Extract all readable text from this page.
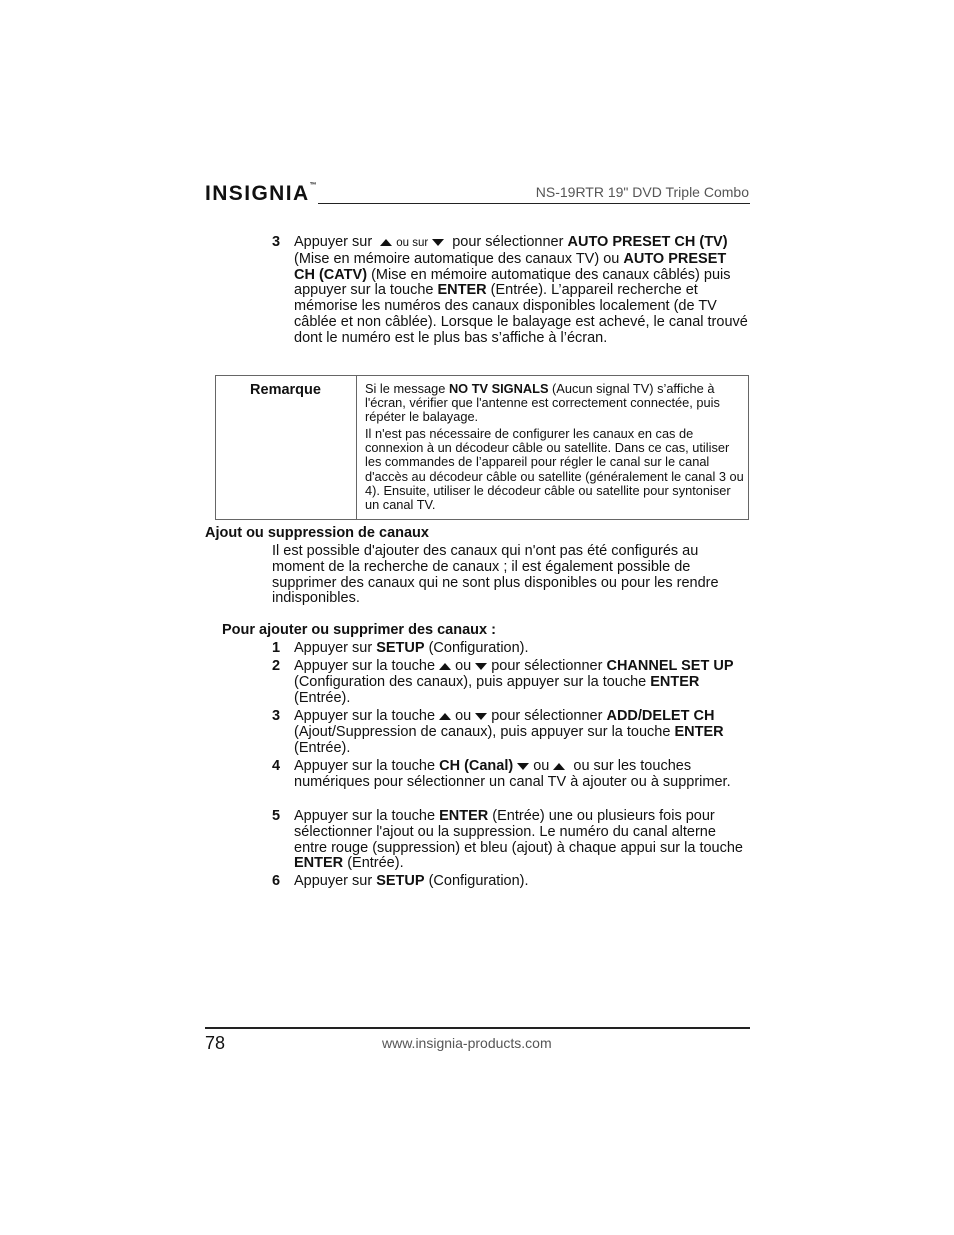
INSIGNIA™	NS-19RTR 19" DVD Triple Combo
3 Appuyer sur ou sur pour sélectionner AUTO PRESET CH (TV) (Mise en mémoire automatique des canaux TV) ou AUTO PRESET CH (CATV) (Mise en mémoire automatique des canaux câblés) puis appuyer sur la touche ENTER (Entrée). L’appareil recherche et mémorise les numéros des canaux disponibles localement (de TV câblée et non câblée). Lorsque le balayage est achevé, le canal trouvé dont le numéro est le plus bas s’affiche à l’écran.
Remarque	Si le message NO TV SIGNALS (Aucun signal TV) s’affiche à l'écran, vérifier que l'antenne est correctement connectée, puis répéter le balayage.
Il n'est pas nécessaire de configurer les canaux en cas de connexion à un décodeur câble ou satellite. Dans ce cas, utiliser les commandes de l’appareil pour régler le canal sur le canal d'accès au décodeur câble ou satellite (généralement le canal 3 ou 4). Ensuite, utiliser le décodeur câble ou satellite pour syntoniser un canal TV.
Ajout ou suppression de canaux
Il est possible d'ajouter des canaux qui n'ont pas été configurés au moment de la recherche de canaux ; il est également possible de supprimer des canaux qui ne sont plus disponibles ou pour les rendre indisponibles.
Pour ajouter ou supprimer des canaux :
1 Appuyer sur SETUP (Configuration).
2 Appuyer sur la touche ou pour sélectionner CHANNEL SET UP (Configuration des canaux), puis appuyer sur la touche ENTER (Entrée).
3 Appuyer sur la touche ou pour sélectionner ADD/DELET CH (Ajout/Suppression de canaux), puis appuyer sur la touche ENTER (Entrée).
4 Appuyer sur la touche CH (Canal) ou ou sur les touches numériques pour sélectionner un canal TV à ajouter ou à supprimer.
5 Appuyer sur la touche ENTER (Entrée) une ou plusieurs fois pour sélectionner l'ajout ou la suppression. Le numéro du canal alterne entre rouge (suppression) et bleu (ajout) à chaque appui sur la touche ENTER (Entrée).
6 Appuyer sur SETUP (Configuration).
78	www.insignia-products.com
